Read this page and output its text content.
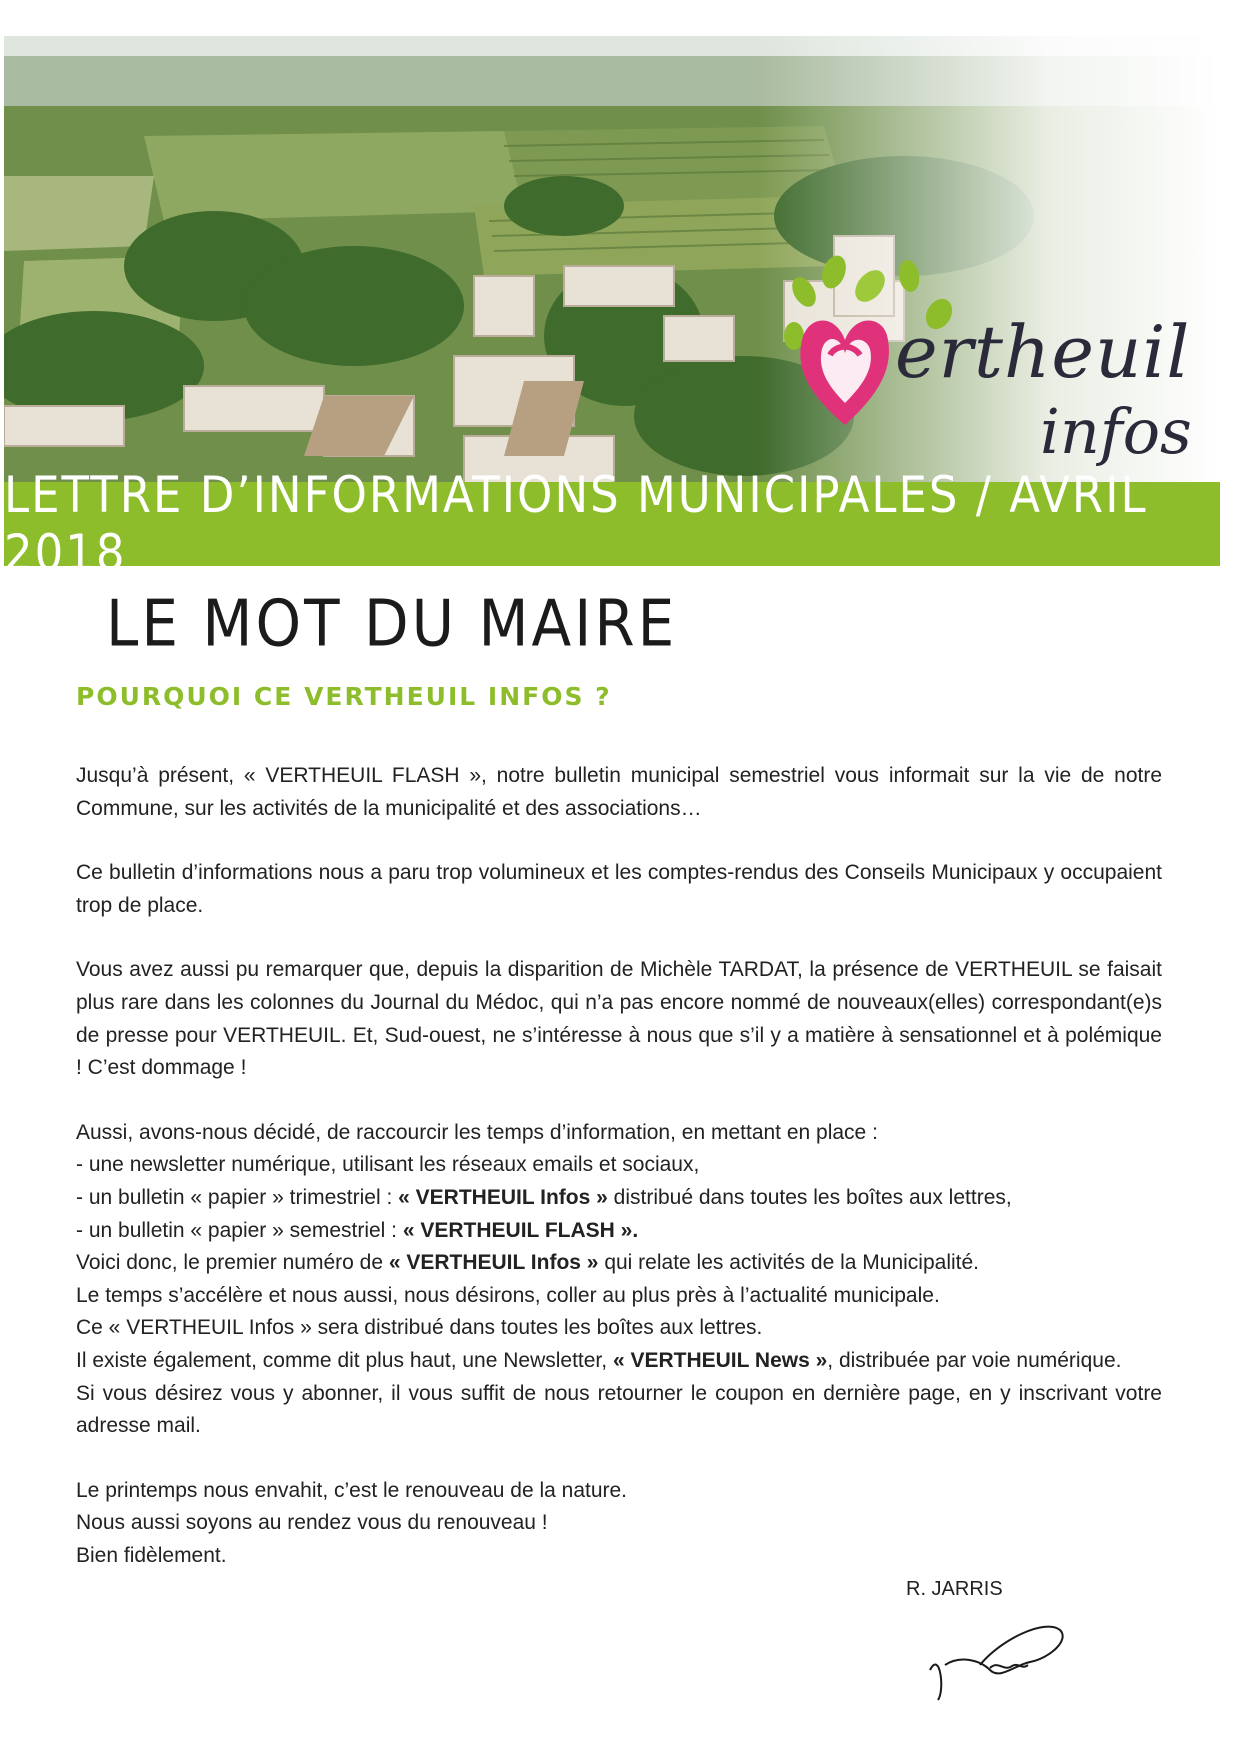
ertheuil
infos
LETTRE D’INFORMATIONS MUNICIPALES / AVRIL 2018
LE MOT DU MAIRE
POURQUOI CE VERTHEUIL INFOS ?

Jusqu’à présent, « VERTHEUIL FLASH », notre bulletin municipal semestriel vous informait sur la vie de notre Commune, sur les activités de la municipalité et des associations…

Ce bulletin d’informations nous a paru trop volumineux et les comptes-rendus des Conseils Municipaux y occupaient trop de place.

Vous avez aussi pu remarquer que, depuis la disparition de Michèle TARDAT, la présence de VERTHEUIL se faisait plus rare dans les colonnes du Journal du Médoc, qui n’a pas encore nommé de nouveaux(elles) correspondant(e)s de presse pour VERTHEUIL. Et, Sud-ouest, ne s’intéresse à nous que s’il y a matière à sensationnel et à polémique ! C’est dommage !

Aussi, avons-nous décidé, de raccourcir les temps d’information, en mettant en place :

- une newsletter numérique, utilisant les réseaux emails et sociaux,

- un bulletin « papier » trimestriel : « VERTHEUIL Infos » distribué dans toutes les boîtes aux lettres,

- un bulletin « papier » semestriel : « VERTHEUIL FLASH ».

Voici donc, le premier numéro de « VERTHEUIL Infos » qui relate les activités de la Municipalité.

Le temps s’accélère et nous aussi, nous désirons, coller au plus près à l’actualité municipale.

Ce « VERTHEUIL Infos » sera distribué dans toutes les boîtes aux lettres.

Il existe également, comme dit plus haut, une Newsletter, « VERTHEUIL News », distribuée par voie numérique.

Si vous désirez vous y abonner, il vous suffit de nous retourner le coupon en dernière page, en y inscrivant votre adresse mail.

Le printemps nous envahit, c’est le renouveau de la nature.

Nous aussi soyons au rendez vous du renouveau !

Bien fidèlement.

R. JARRIS
